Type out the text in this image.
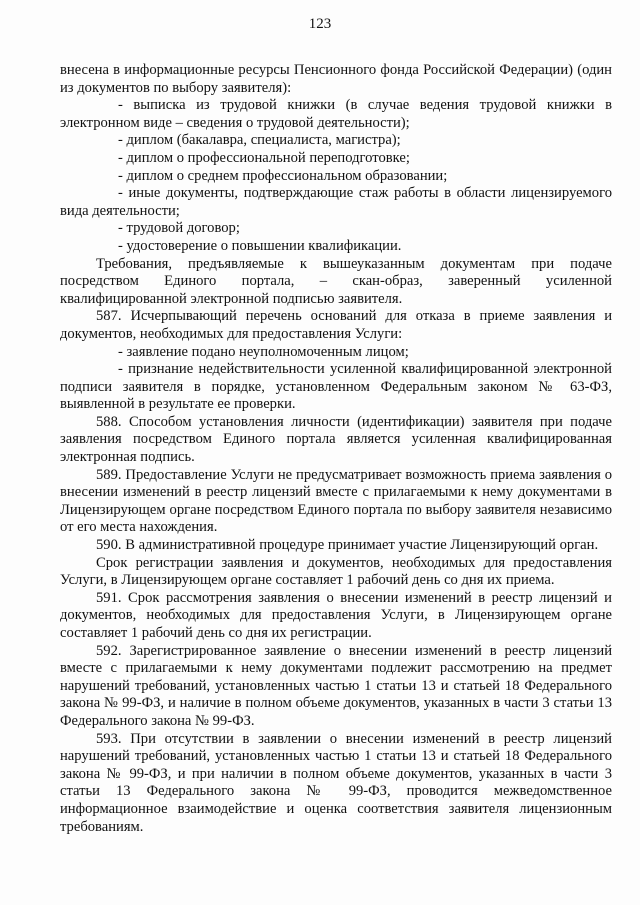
123

внесена в информационные ресурсы Пенсионного фонда Российской Федерации) (один из документов по выбору заявителя):

- выписка из трудовой книжки (в случае ведения трудовой книжки в электронном виде – сведения о трудовой деятельности);

- диплом (бакалавра, специалиста, магистра);

- диплом о профессиональной переподготовке;

- диплом о среднем профессиональном образовании;

- иные документы, подтверждающие стаж работы в области лицензируемого вида деятельности;

- трудовой договор;

- удостоверение о повышении квалификации.

Требования, предъявляемые к вышеуказанным документам при подаче посредством Единого портала, – скан-образ, заверенный усиленной квалифицированной электронной подписью заявителя.

587. Исчерпывающий перечень оснований для отказа в приеме заявления и документов, необходимых для предоставления Услуги:

- заявление подано неуполномоченным лицом;

- признание недействительности усиленной квалифицированной электронной подписи заявителя в порядке, установленном Федеральным законом № 63-ФЗ, выявленной в результате ее проверки.

588. Способом установления личности (идентификации) заявителя при подаче заявления посредством Единого портала является усиленная квалифицированная электронная подпись.

589. Предоставление Услуги не предусматривает возможность приема заявления о внесении изменений в реестр лицензий вместе с прилагаемыми к нему документами в Лицензирующем органе посредством Единого портала по выбору заявителя независимо от его места нахождения.

590. В административной процедуре принимает участие Лицензирующий орган.

Срок регистрации заявления и документов, необходимых для предоставления Услуги, в Лицензирующем органе составляет 1 рабочий день со дня их приема.

591. Срок рассмотрения заявления о внесении изменений в реестр лицензий и документов, необходимых для предоставления Услуги, в Лицензирующем органе составляет 1 рабочий день со дня их регистрации.

592. Зарегистрированное заявление о внесении изменений в реестр лицензий вместе с прилагаемыми к нему документами подлежит рассмотрению на предмет нарушений требований, установленных частью 1 статьи 13 и статьей 18 Федерального закона № 99-ФЗ, и наличие в полном объеме документов, указанных в части 3 статьи 13 Федерального закона № 99-ФЗ.

593. При отсутствии в заявлении о внесении изменений в реестр лицензий нарушений требований, установленных частью 1 статьи 13 и статьей 18 Федерального закона № 99-ФЗ, и при наличии в полном объеме документов, указанных в части 3 статьи 13 Федерального закона № 99-ФЗ, проводится межведомственное информационное взаимодействие и оценка соответствия заявителя лицензионным требованиям.
